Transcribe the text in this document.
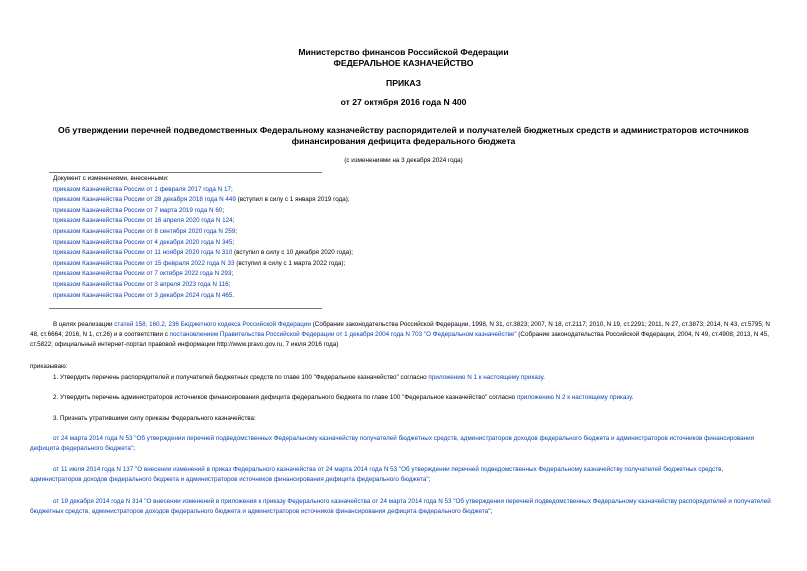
Министерство финансов Российской Федерации
ФЕДЕРАЛЬНОЕ КАЗНАЧЕЙСТВО
ПРИКАЗ
от 27 октября 2016 года N 400
Об утверждении перечней подведомственных Федеральному казначейству распорядителей и получателей бюджетных средств и администраторов источников
финансирования дефицита федерального бюджета
(с изменениями на 3 декабря 2024 года)
Документ с изменениями, внесенными:
приказом Казначейства России от 1 февраля 2017 года N 17;
приказом Казначейства России от 28 декабря 2018 года N 449 (вступил в силу с 1 января 2019 года);
приказом Казначейства России от 7 марта 2019 года N 60;
приказом Казначейства России от 16 апреля 2020 года N 124;
приказом Казначейства России от 8 сентября 2020 года N 259;
приказом Казначейства России от 4 декабря 2020 года N 345;
приказом Казначейства России от 11 ноября 2020 года N 310 (вступил в силу с 10 декабря 2020 года);
приказом Казначейства России от 15 февраля 2022 года N 33 (вступил в силу с 1 марта 2022 года);
приказом Казначейства России от 7 октября 2022 года N 293;
приказом Казначейства России от 3 апреля 2023 года N 116;
приказом Казначейства России от 3 декабря 2024 года N 465.
В целях реализации статей 158, 160.2, 236 Бюджетного кодекса Российской Федерации (Собрание законодательства Российской Федерации, 1998, N 31, ст.3823; 2007, N 18, ст.2117; 2010, N 19, ст.2291; 2011, N 27, ст.3873; 2014, N 43, ст.5795; N 48, ст.6664; 2016, N 1, ст.26) и в соответствии с постановлением Правительства Российской Федерации от 1 декабря 2004 года N 703 "О Федеральном казначействе" (Собрание законодательства Российской Федерации, 2004, N 49, ст.4908; 2013, N 45, ст.5822; официальный интернет-портал правовой информации http://www.pravo.gov.ru, 7 июля 2016 года)
приказываю:
1. Утвердить перечень распорядителей и получателей бюджетных средств по главе 100 "Федеральное казначейство" согласно приложению N 1 к настоящему приказу.
2. Утвердить перечень администраторов источников финансирования дефицита федерального бюджета по главе 100 "Федеральное казначейство" согласно приложению N 2 к настоящему приказу.
3. Признать утратившими силу приказы Федерального казначейства:
от 24 марта 2014 года N 53 "Об утверждении перечней подведомственных Федеральному казначейству получателей бюджетных средств, администраторов доходов федерального бюджета и администраторов источников финансирования дефицита федерального бюджета";
от 11 июля 2014 года N 137 "О внесении изменений в приказ Федерального казначейства от 24 марта 2014 года N 53 "Об утверждении перечней подведомственных Федеральному казначейству получателей бюджетных средств, администраторов доходов федерального бюджета и администраторов источников финансирования дефицита федерального бюджета";
от 19 декабря 2014 года N 314 "О внесении изменений в приложения к приказу Федерального казначейства от 24 марта 2014 года N 53 "Об утверждении перечней подведомственных Федеральному казначейству распорядителей и получателей бюджетных средств, администраторов доходов федерального бюджета и администраторов источников финансирования дефицита федерального бюджета";
